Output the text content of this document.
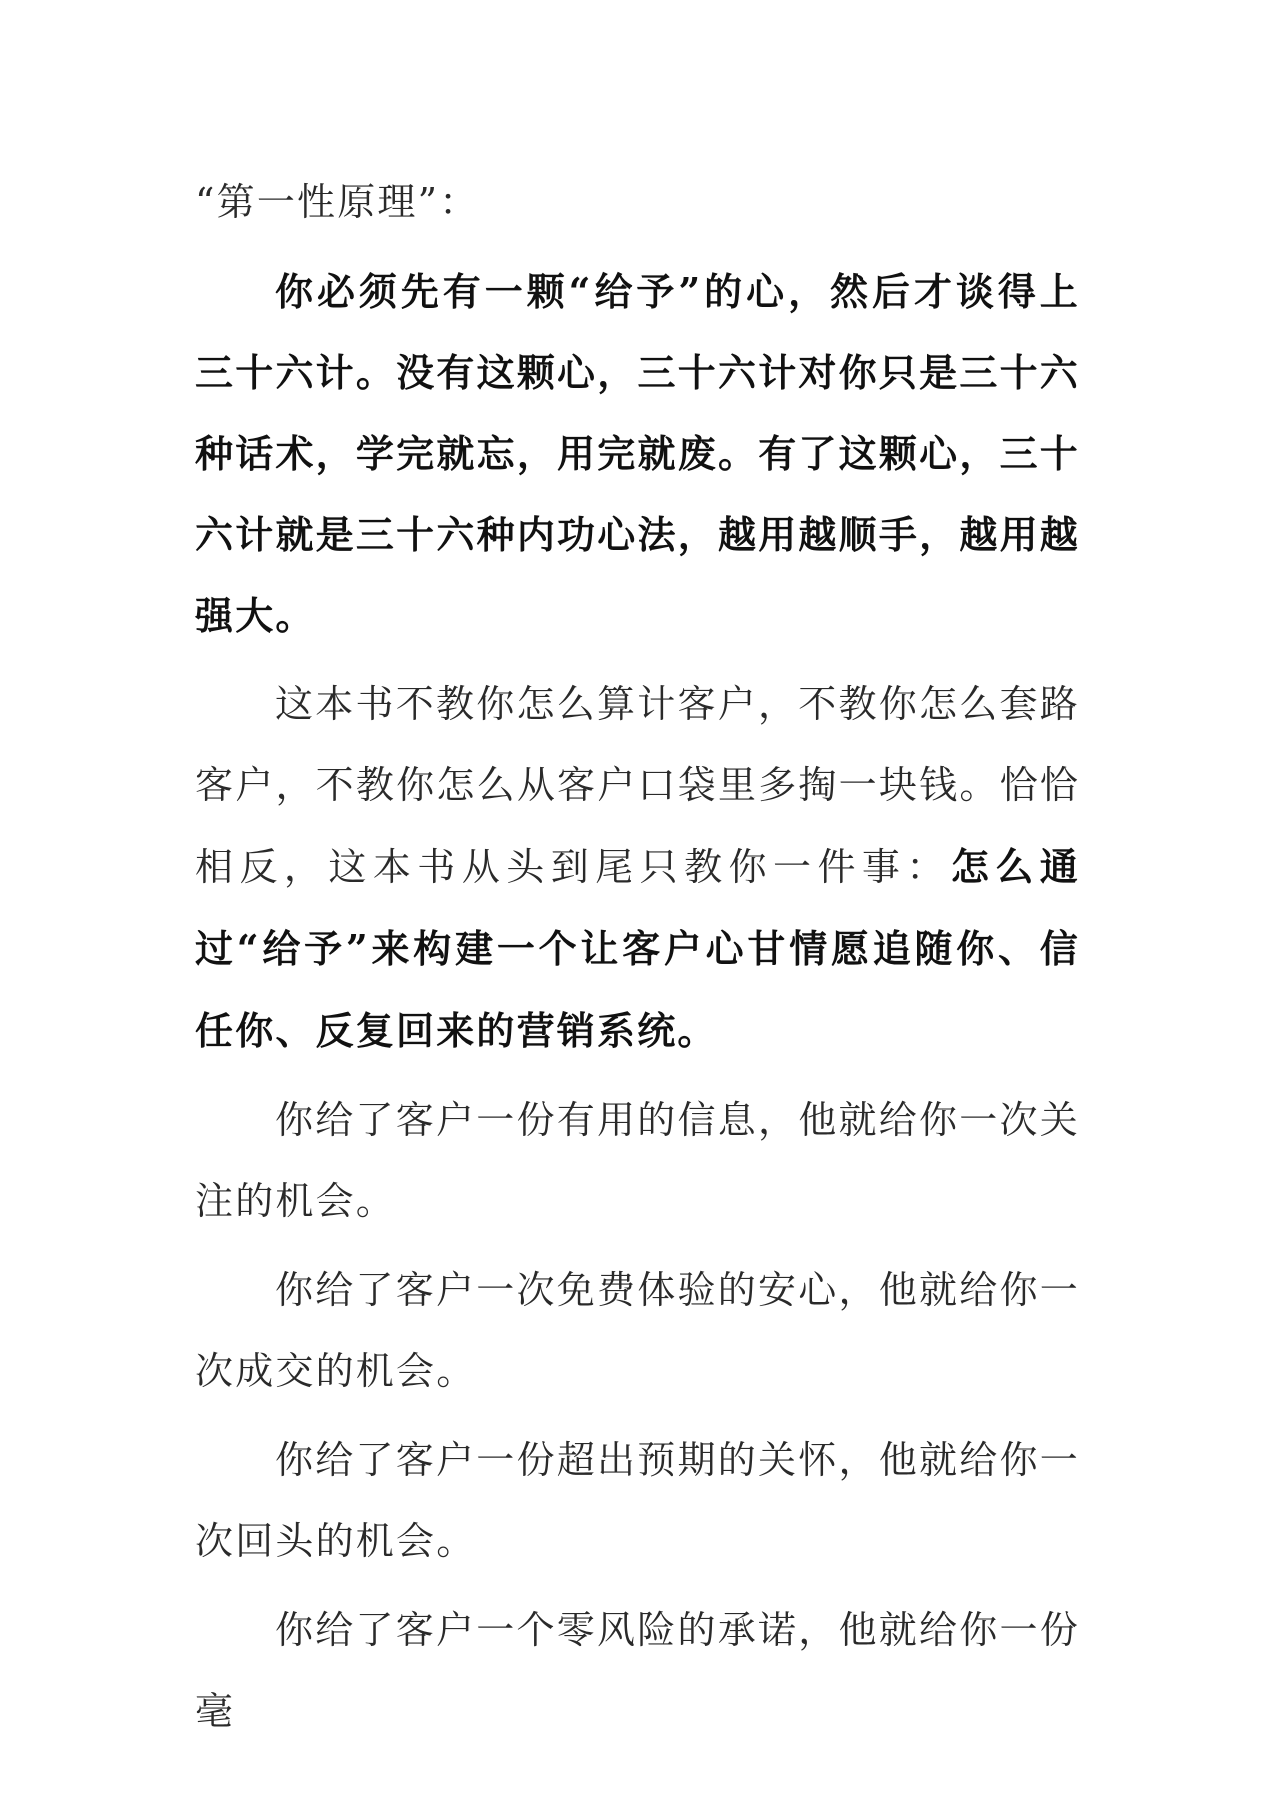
“第一性原理”：

你必须先有一颗“给予”的心，然后才谈得上三十六计。没有这颗心，三十六计对你只是三十六种话术，学完就忘，用完就废。有了这颗心，三十六计就是三十六种内功心法，越用越顺手，越用越强大。

这本书不教你怎么算计客户，不教你怎么套路客户，不教你怎么从客户口袋里多掏一块钱。恰恰相反，这本书从头到尾只教你一件事：怎么通过“给予”来构建一个让客户心甘情愿追随你、信任你、反复回来的营销系统。

你给了客户一份有用的信息，他就给你一次关注的机会。

你给了客户一次免费体验的安心，他就给你一次成交的机会。

你给了客户一份超出预期的关怀，他就给你一次回头的机会。

你给了客户一个零风险的承诺，他就给你一份毫
